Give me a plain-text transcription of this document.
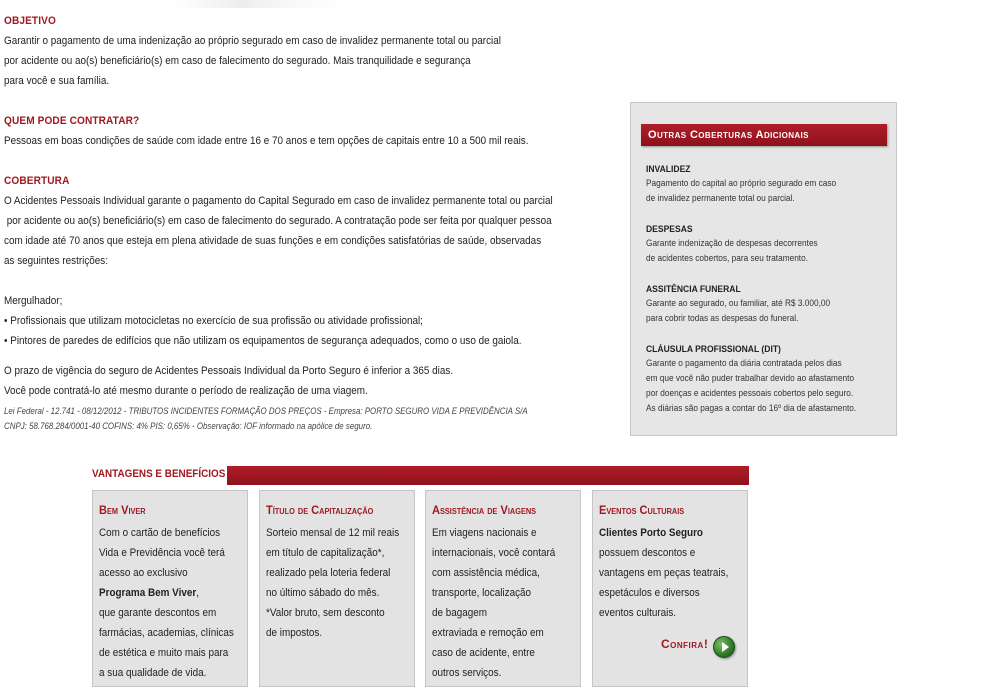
OBJETIVO
Garantir o pagamento de uma indenização ao próprio segurado em caso de invalidez permanente total ou parcial
por acidente ou ao(s) beneficiário(s) em caso de falecimento do segurado. Mais tranquilidade e segurança
para você e sua família.
QUEM PODE CONTRATAR?
Pessoas em boas condições de saúde com idade entre 16 e 70 anos e tem opções de capitais entre 10 a 500 mil reais.
COBERTURA
O Acidentes Pessoais Individual garante o pagamento do Capital Segurado em caso de invalidez permanente total ou parcial
por acidente ou ao(s) beneficiário(s) em caso de falecimento do segurado. A contratação pode ser feita por qualquer pessoa
com idade até 70 anos que esteja em plena atividade de suas funções e em condições satisfatórias de saúde, observadas
as seguintes restrições:
Mergulhador;
• Profissionais que utilizam motocicletas no exercício de sua profissão ou atividade profissional;
• Pintores de paredes de edifícios que não utilizam os equipamentos de segurança adequados, como o uso de gaiola.
O prazo de vigência do seguro de Acidentes Pessoais Individual da Porto Seguro é inferior a 365 dias.
Você pode contratá-lo até mesmo durante o período de realização de uma viagem.
Lei Federal - 12.741 - 08/12/2012 - TRIBUTOS INCIDENTES FORMAÇÃO DOS PREÇOS - Empresa: PORTO SEGURO VIDA E PREVIDÊNCIA S/A
CNPJ: 58.768.284/0001-40 COFINS: 4% PIS: 0,65% - Observação: IOF informado na apólice de seguro.
Outras Coberturas Adicionais
INVALIDEZ
Pagamento do capital ao próprio segurado em caso
de invalidez permanente total ou parcial.
DESPESAS
Garante indenização de despesas decorrentes
de acidentes cobertos, para seu tratamento.
ASSITÊNCIA FUNERAL
Garante ao segurado, ou familiar, até R$ 3.000,00
para cobrir todas as despesas do funeral.
CLÁUSULA PROFISSIONAL (DIT)
Garante o pagamento da diária contratada pelos dias
em que você não puder trabalhar devido ao afastamento
por doenças e acidentes pessoais cobertos pelo seguro.
As diárias são pagas a contar do 16º dia de afastamento.
VANTAGENS E BENEFÍCIOS
Bem Viver
Com o cartão de benefícios
Vida e Previdência você terá
acesso ao exclusivo
Programa Bem Viver,
que garante descontos em
farmácias, academias, clínicas
de estética e muito mais para
a sua qualidade de vida.
Título de Capitalização
Sorteio mensal de 12 mil reais
em título de capitalização*,
realizado pela loteria federal
no último sábado do mês.
*Valor bruto, sem desconto
de impostos.
Assistência de Viagens
Em viagens nacionais e
internacionais, você contará
com assistência médica,
transporte, localização
de bagagem
extraviada e remoção em
caso de acidente, entre
outros serviços.
Eventos Culturais
Clientes Porto Seguro
possuem descontos e
vantagens em peças teatrais,
espetáculos e diversos
eventos culturais.
Confira!
